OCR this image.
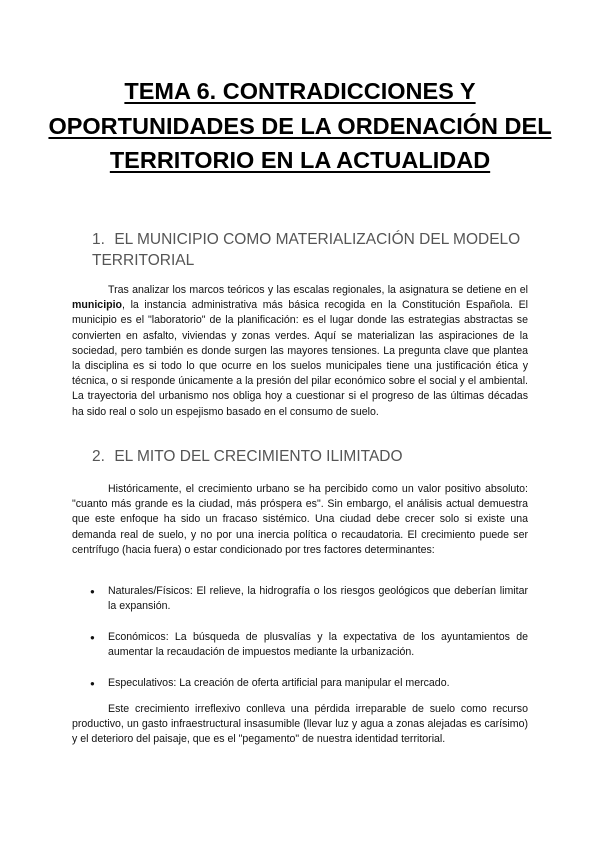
TEMA 6. CONTRADICCIONES Y OPORTUNIDADES DE LA ORDENACIÓN DEL TERRITORIO EN LA ACTUALIDAD
1. EL MUNICIPIO COMO MATERIALIZACIÓN DEL MODELO TERRITORIAL

Tras analizar los marcos teóricos y las escalas regionales, la asignatura se detiene en el municipio, la instancia administrativa más básica recogida en la Constitución Española. El municipio es el "laboratorio" de la planificación: es el lugar donde las estrategias abstractas se convierten en asfalto, viviendas y zonas verdes. Aquí se materializan las aspiraciones de la sociedad, pero también es donde surgen las mayores tensiones. La pregunta clave que plantea la disciplina es si todo lo que ocurre en los suelos municipales tiene una justificación ética y técnica, o si responde únicamente a la presión del pilar económico sobre el social y el ambiental. La trayectoria del urbanismo nos obliga hoy a cuestionar si el progreso de las últimas décadas ha sido real o solo un espejismo basado en el consumo de suelo.

2. EL MITO DEL CRECIMIENTO ILIMITADO

Históricamente, el crecimiento urbano se ha percibido como un valor positivo absoluto: "cuanto más grande es la ciudad, más próspera es". Sin embargo, el análisis actual demuestra que este enfoque ha sido un fracaso sistémico. Una ciudad debe crecer solo si existe una demanda real de suelo, y no por una inercia política o recaudatoria. El crecimiento puede ser centrífugo (hacia fuera) o estar condicionado por tres factores determinantes:

● Naturales/Físicos: El relieve, la hidrografía o los riesgos geológicos que deberían limitar la expansión.
● Económicos: La búsqueda de plusvalías y la expectativa de los ayuntamientos de aumentar la recaudación de impuestos mediante la urbanización.
● Especulativos: La creación de oferta artificial para manipular el mercado.

Este crecimiento irreflexivo conlleva una pérdida irreparable de suelo como recurso productivo, un gasto infraestructural insasumible (llevar luz y agua a zonas alejadas es carísimo) y el deterioro del paisaje, que es el "pegamento" de nuestra identidad territorial.
